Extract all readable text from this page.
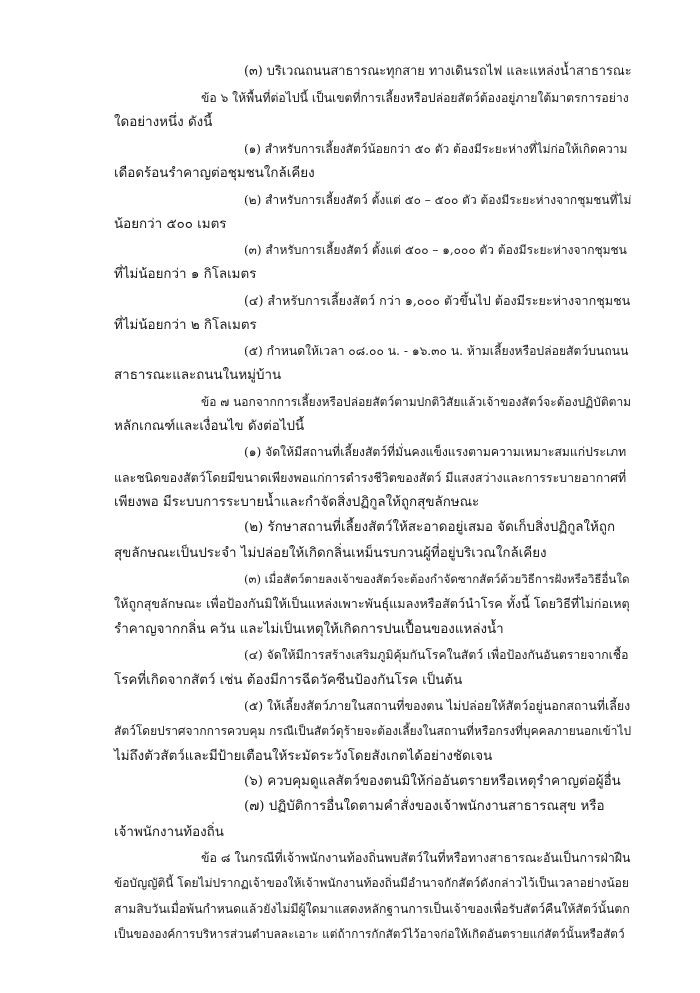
(๓) บริเวณถนนสาธารณะทุกสาย ทางเดินรถไฟ และแหล่งน้ำสาธารณะ
ข้อ ๖ ให้พื้นที่ต่อไปนี้ เป็นเขตที่การเลี้ยงหรือปล่อยสัตว์ต้องอยู่ภายใต้มาตรการอย่าง
ใดอย่างหนึ่ง ดังนี้
(๑) สำหรับการเลี้ยงสัตว์น้อยกว่า ๕๐ ตัว ต้องมีระยะห่างที่ไม่ก่อให้เกิดความ
เดือดร้อนรำคาญต่อชุมชนใกล้เคียง
(๒) สำหรับการเลี้ยงสัตว์ ตั้งแต่ ๕๐ – ๕๐๐ ตัว ต้องมีระยะห่างจากชุมชนที่ไม่
น้อยกว่า ๕๐๐ เมตร
(๓) สำหรับการเลี้ยงสัตว์ ตั้งแต่ ๕๐๐ – ๑,๐๐๐ ตัว ต้องมีระยะห่างจากชุมชน
ที่ไม่น้อยกว่า ๑ กิโลเมตร
(๔) สำหรับการเลี้ยงสัตว์ กว่า ๑,๐๐๐ ตัวขึ้นไป ต้องมีระยะห่างจากชุมชน
ที่ไม่น้อยกว่า ๒ กิโลเมตร
(๕) กำหนดให้เวลา ๐๘.๐๐ น. - ๑๖.๓๐ น. ห้ามเลี้ยงหรือปล่อยสัตว์บนถนน
สาธารณะและถนนในหมู่บ้าน
ข้อ ๗ นอกจากการเลี้ยงหรือปล่อยสัตว์ตามปกติวิสัยแล้วเจ้าของสัตว์จะต้องปฏิบัติตาม
หลักเกณฑ์และเงื่อนไข ดังต่อไปนี้
(๑) จัดให้มีสถานที่เลี้ยงสัตว์ที่มั่นคงแข็งแรงตามความเหมาะสมแก่ประเภท
และชนิดของสัตว์โดยมีขนาดเพียงพอแก่การดำรงชีวิตของสัตว์ มีแสงสว่างและการระบายอากาศที่
เพียงพอ มีระบบการระบายน้ำและกำจัดสิ่งปฏิกูลให้ถูกสุขลักษณะ
(๒) รักษาสถานที่เลี้ยงสัตว์ให้สะอาดอยู่เสมอ จัดเก็บสิ่งปฏิกูลให้ถูก
สุขลักษณะเป็นประจำ ไม่ปล่อยให้เกิดกลิ่นเหม็นรบกวนผู้ที่อยู่บริเวณใกล้เคียง
(๓) เมื่อสัตว์ตายลงเจ้าของสัตว์จะต้องกำจัดซากสัตว์ด้วยวิธีการฝังหรือวิธีอื่นใด
ให้ถูกสุขลักษณะ เพื่อป้องกันมิให้เป็นแหล่งเพาะพันธุ์แมลงหรือสัตว์นำโรค ทั้งนี้ โดยวิธีที่ไม่ก่อเหตุ
รำคาญจากกลิ่น ควัน และไม่เป็นเหตุให้เกิดการปนเปื้อนของแหล่งน้ำ
(๔) จัดให้มีการสร้างเสริมภูมิคุ้มกันโรคในสัตว์ เพื่อป้องกันอันตรายจากเชื้อ
โรคที่เกิดจากสัตว์ เช่น ต้องมีการฉีดวัคซีนป้องกันโรค เป็นต้น
(๕) ให้เลี้ยงสัตว์ภายในสถานที่ของตน ไม่ปล่อยให้สัตว์อยู่นอกสถานที่เลี้ยง
สัตว์โดยปราศจากการควบคุม กรณีเป็นสัตว์ดุร้ายจะต้องเลี้ยงในสถานที่หรือกรงที่บุคคลภายนอกเข้าไป
ไม่ถึงตัวสัตว์และมีป้ายเตือนให้ระมัดระวังโดยสังเกตได้อย่างชัดเจน
(๖) ควบคุมดูแลสัตว์ของตนมิให้ก่ออันตรายหรือเหตุรำคาญต่อผู้อื่น
(๗) ปฏิบัติการอื่นใดตามคำสั่งของเจ้าพนักงานสาธารณสุข หรือ
เจ้าพนักงานท้องถิ่น
ข้อ ๘ ในกรณีที่เจ้าพนักงานท้องถิ่นพบสัตว์ในที่หรือทางสาธารณะอันเป็นการฝ่าฝืน
ข้อบัญญัตินี้ โดยไม่ปรากฏเจ้าของให้เจ้าพนักงานท้องถิ่นมีอำนาจกักสัตว์ดังกล่าวไว้เป็นเวลาอย่างน้อย
สามสิบวันเมื่อพ้นกำหนดแล้วยังไม่มีผู้ใดมาแสดงหลักฐานการเป็นเจ้าของเพื่อรับสัตว์คืนให้สัตว์นั้นตก
เป็นขององค์การบริหารส่วนตำบลละเอาะ แต่ถ้าการกักสัตว์ไว้อาจก่อให้เกิดอันตรายแก่สัตว์นั้นหรือสัตว์
